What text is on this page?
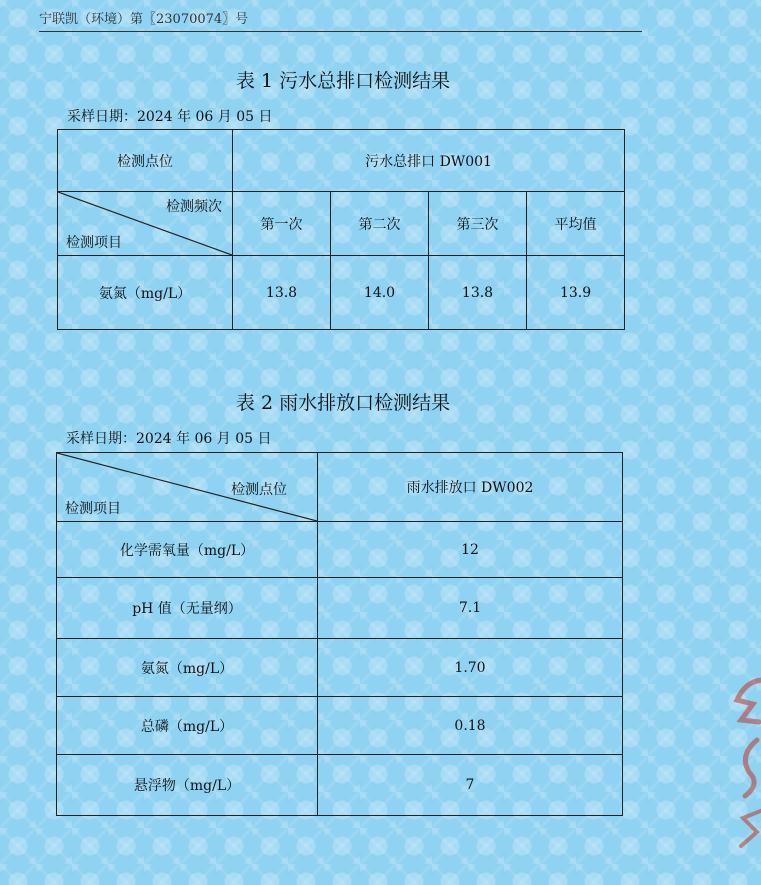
宁联凯（环境）第〖23070074〗号
表 1 污水总排口检测结果
采样日期：2024 年 06 月 05 日
检测点位	污水总排口 DW001			

检测频次
检测项目	第一次	第二次	第三次	平均值
氨氮（mg/L）	13.8	14.0	13.8	13.9
表 2 雨水排放口检测结果
采样日期：2024 年 06 月 05 日
检测点位
检测项目	雨水排放口 DW002
化学需氧量（mg/L）	12
pH 值（无量纲）	7.1
氨氮（mg/L）	1.70
总磷（mg/L）	0.18
悬浮物（mg/L）	7
